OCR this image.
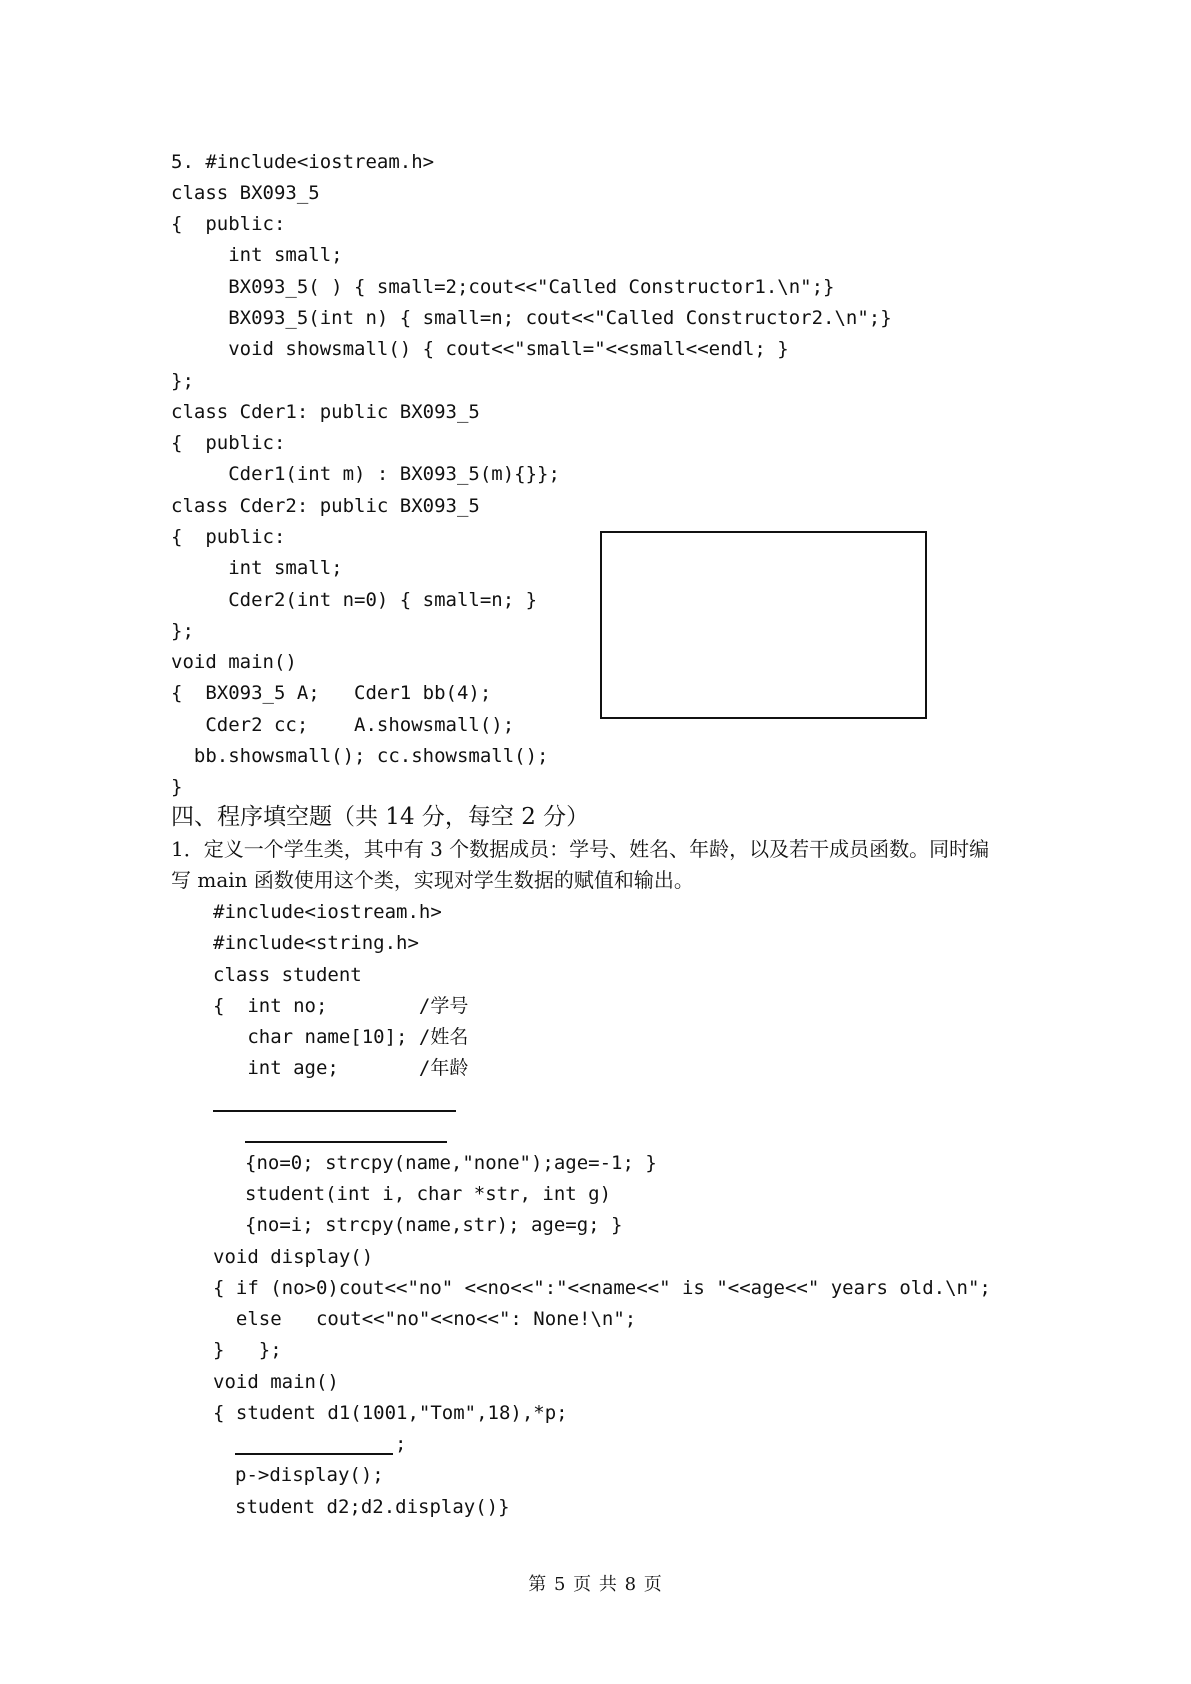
5. #include<iostream.h>
class BX093_5
{  public:
int small;
BX093_5( ) { small=2;cout<<"Called Constructor1.\n";}
BX093_5(int n) { small=n; cout<<"Called Constructor2.\n";}
void showsmall() { cout<<"small="<<small<<endl; }
};
class Cder1: public BX093_5
{  public:
Cder1(int m) : BX093_5(m){}};
class Cder2: public BX093_5
{  public:
int small;
Cder2(int n=0) { small=n; }
};
void main()
{  BX093_5 A;   Cder1 bb(4);
Cder2 cc;    A.showsmall();
bb.showsmall(); cc.showsmall();
}
四、程序填空题（共 14 分，每空 2 分）
1．定义一个学生类，其中有 3 个数据成员：学号、姓名、年龄，以及若干成员函数。同时编
写 main 函数使用这个类，实现对学生数据的赋值和输出。
#include<iostream.h>
#include<string.h>
class student
{  int no;        /学号
char name[10]; /姓名
int age;       /年龄
{no=0; strcpy(name,"none");age=-1; }
student(int i, char *str, int g)
{no=i; strcpy(name,str); age=g; }
void display()
{ if (no>0)cout<<"no" <<no<<":"<<name<<" is "<<age<<" years old.\n";
else   cout<<"no"<<no<<": None!\n";
}   };
void main()
{ student d1(1001,"Tom",18),*p;
;
p->display();
student d2;d2.display()}
第 5 页 共 8 页
